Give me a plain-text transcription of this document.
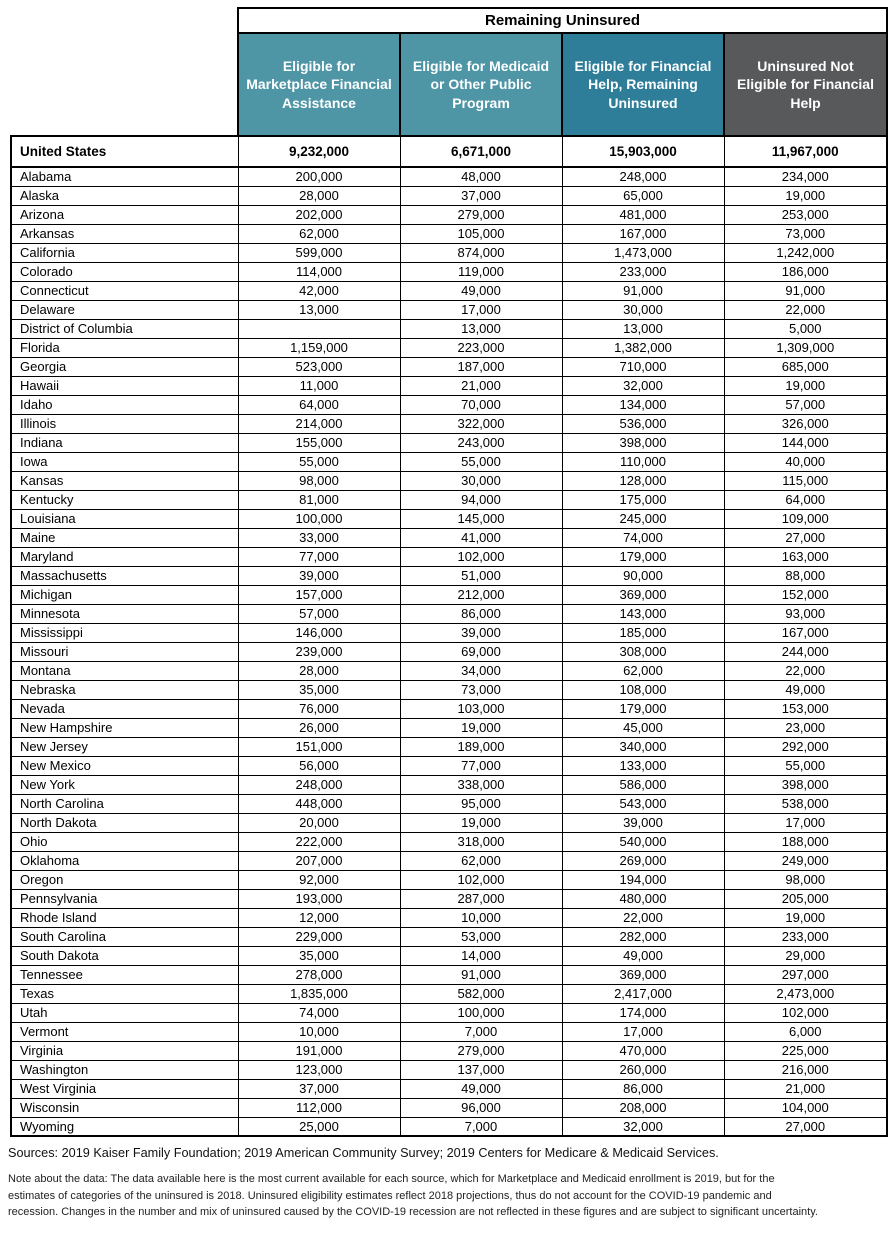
	Remaining Uninsured			
	Eligible for Marketplace Financial Assistance	Eligible for Medicaid or Other Public Program	Eligible for Financial Help, Remaining Uninsured	Uninsured Not Eligible for Financial Help
United States	9,232,000	6,671,000	15,903,000	11,967,000
Alabama	200,000	48,000	248,000	234,000
Alaska	28,000	37,000	65,000	19,000
Arizona	202,000	279,000	481,000	253,000
Arkansas	62,000	105,000	167,000	73,000
California	599,000	874,000	1,473,000	1,242,000
Colorado	114,000	119,000	233,000	186,000
Connecticut	42,000	49,000	91,000	91,000
Delaware	13,000	17,000	30,000	22,000
District of Columbia		13,000	13,000	5,000
Florida	1,159,000	223,000	1,382,000	1,309,000
Georgia	523,000	187,000	710,000	685,000
Hawaii	11,000	21,000	32,000	19,000
Idaho	64,000	70,000	134,000	57,000
Illinois	214,000	322,000	536,000	326,000
Indiana	155,000	243,000	398,000	144,000
Iowa	55,000	55,000	110,000	40,000
Kansas	98,000	30,000	128,000	115,000
Kentucky	81,000	94,000	175,000	64,000
Louisiana	100,000	145,000	245,000	109,000
Maine	33,000	41,000	74,000	27,000
Maryland	77,000	102,000	179,000	163,000
Massachusetts	39,000	51,000	90,000	88,000
Michigan	157,000	212,000	369,000	152,000
Minnesota	57,000	86,000	143,000	93,000
Mississippi	146,000	39,000	185,000	167,000
Missouri	239,000	69,000	308,000	244,000
Montana	28,000	34,000	62,000	22,000
Nebraska	35,000	73,000	108,000	49,000
Nevada	76,000	103,000	179,000	153,000
New Hampshire	26,000	19,000	45,000	23,000
New Jersey	151,000	189,000	340,000	292,000
New Mexico	56,000	77,000	133,000	55,000
New York	248,000	338,000	586,000	398,000
North Carolina	448,000	95,000	543,000	538,000
North Dakota	20,000	19,000	39,000	17,000
Ohio	222,000	318,000	540,000	188,000
Oklahoma	207,000	62,000	269,000	249,000
Oregon	92,000	102,000	194,000	98,000
Pennsylvania	193,000	287,000	480,000	205,000
Rhode Island	12,000	10,000	22,000	19,000
South Carolina	229,000	53,000	282,000	233,000
South Dakota	35,000	14,000	49,000	29,000
Tennessee	278,000	91,000	369,000	297,000
Texas	1,835,000	582,000	2,417,000	2,473,000
Utah	74,000	100,000	174,000	102,000
Vermont	10,000	7,000	17,000	6,000
Virginia	191,000	279,000	470,000	225,000
Washington	123,000	137,000	260,000	216,000
West Virginia	37,000	49,000	86,000	21,000
Wisconsin	112,000	96,000	208,000	104,000
Wyoming	25,000	7,000	32,000	27,000
Sources: 2019 Kaiser Family Foundation; 2019 American Community Survey; 2019 Centers for Medicare & Medicaid Services.
Note about the data: The data available here is the most current available for each source, which for Marketplace and Medicaid enrollment is 2019, but for the
estimates of categories of the uninsured is 2018. Uninsured eligibility estimates reflect 2018 projections, thus do not account for the COVID-19 pandemic and
recession. Changes in the number and mix of uninsured caused by the COVID-19 recession are not reflected in these figures and are subject to significant uncertainty.
